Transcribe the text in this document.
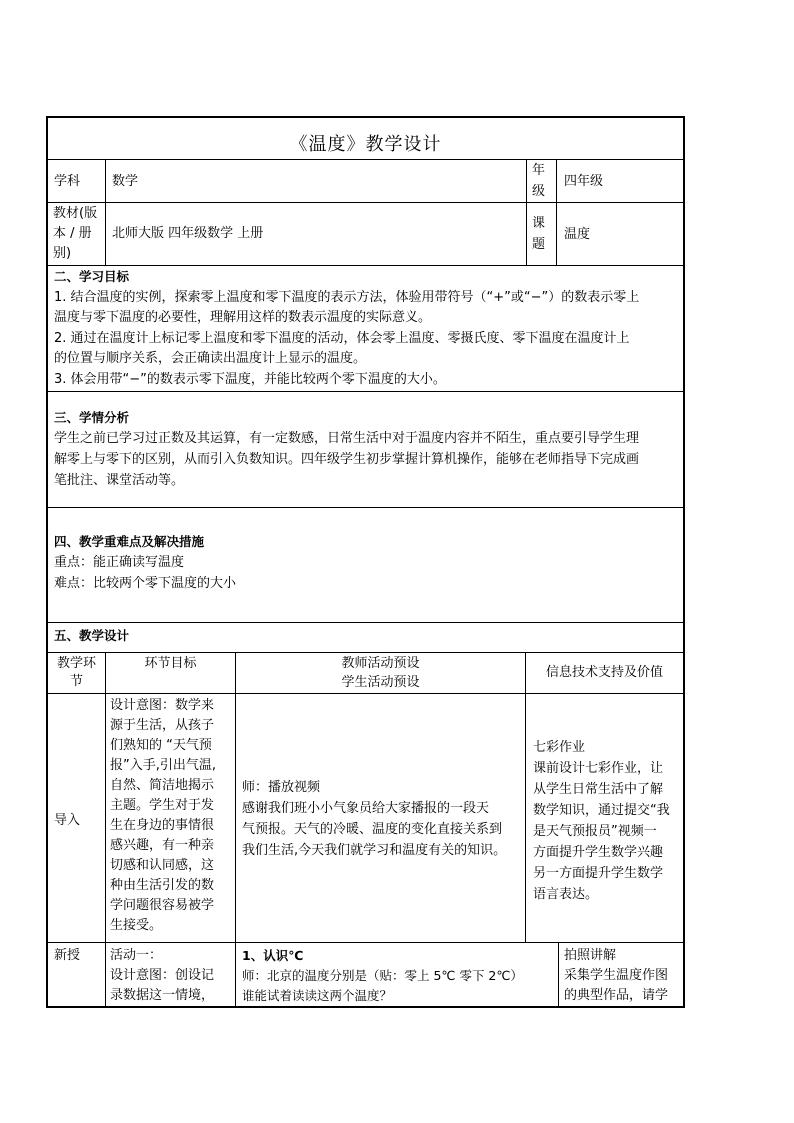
《温度》教学设计
学科 数学
年
级
四年级
教材(版
本 / 册
别)
北师大版 四年级数学 上册
课
题
温度
二、学习目标
1. 结合温度的实例，探索零上温度和零下温度的表示方法，体验用带符号（“+”或“−”）的数表示零上
温度与零下温度的必要性，理解用这样的数表示温度的实际意义。
2. 通过在温度计上标记零上温度和零下温度的活动，体会零上温度、零摄氏度、零下温度在温度计上
的位置与顺序关系，会正确读出温度计上显示的温度。
3. 体会用带“−”的数表示零下温度，并能比较两个零下温度的大小。
三、学情分析
学生之前已学习过正数及其运算，有一定数感，日常生活中对于温度内容并不陌生，重点要引导学生理
解零上与零下的区别，从而引入负数知识。四年级学生初步掌握计算机操作，能够在老师指导下完成画
笔批注、课堂活动等。
四、教学重难点及解决措施
重点：能正确读写温度
难点：比较两个零下温度的大小
五、教学设计
教学环
节
环节目标	教师活动预设
学生活动预设
信息技术支持及价值
导入
设计意图：数学来
源于生活，从孩子
们熟知的 “天气预
报”入手,引出气温,
自然、简洁地揭示
主题。学生对于发
生在身边的事情很
感兴趣，有一种亲
切感和认同感，这
种由生活引发的数
学问题很容易被学
生接受。
师：播放视频
感谢我们班小小气象员给大家播报的一段天
气预报。天气的冷暖、温度的变化直接关系到
我们生活,今天我们就学习和温度有关的知识。
七彩作业
课前设计七彩作业，让
从学生日常生活中了解
数学知识，通过提交“我
是天气预报员”视频一
方面提升学生数学兴趣
另一方面提升学生数学
语言表达。
新授 活动一：
设计意图：创设记
录数据这一情境，
1、认识℃
师：北京的温度分别是（贴：零上 5℃ 零下 2℃）
谁能试着读读这两个温度？
拍照讲解
采集学生温度作图
的典型作品，请学
